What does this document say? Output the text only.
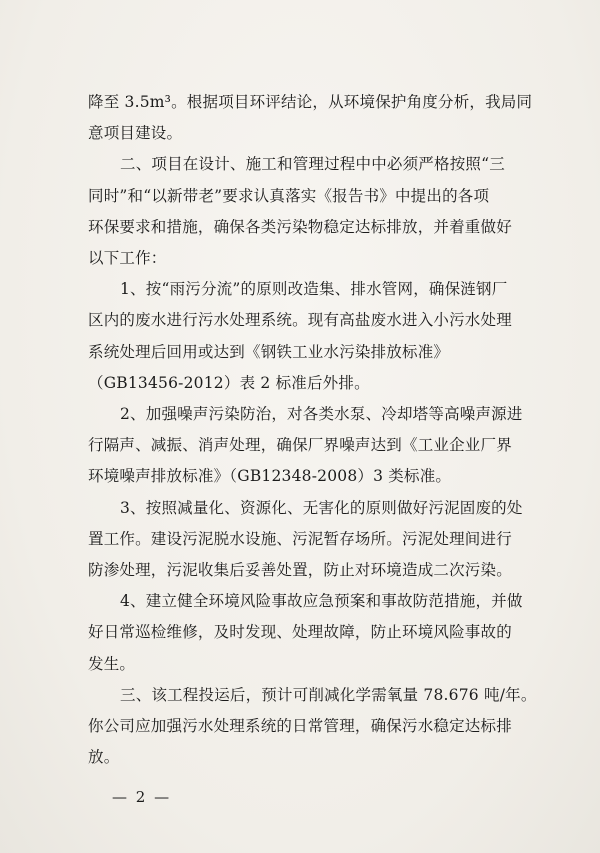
降至 3.5m³。根据项目环评结论，从环境保护角度分析，我局同
意项目建设。
二、项目在设计、施工和管理过程中中必须严格按照“三
同时”和“以新带老”要求认真落实《报告书》中提出的各项
环保要求和措施，确保各类污染物稳定达标排放，并着重做好
以下工作：
1、按“雨污分流”的原则改造集、排水管网，确保涟钢厂
区内的废水进行污水处理系统。现有高盐废水进入小污水处理
系统处理后回用或达到《钢铁工业水污染排放标准》
（GB13456-2012）表 2 标准后外排。
2、加强噪声污染防治，对各类水泵、冷却塔等高噪声源进
行隔声、减振、消声处理，确保厂界噪声达到《工业企业厂界
环境噪声排放标准》（GB12348-2008）3 类标准。
3、按照减量化、资源化、无害化的原则做好污泥固废的处
置工作。建设污泥脱水设施、污泥暂存场所。污泥处理间进行
防渗处理，污泥收集后妥善处置，防止对环境造成二次污染。
4、建立健全环境风险事故应急预案和事故防范措施，并做
好日常巡检维修，及时发现、处理故障，防止环境风险事故的
发生。
三、该工程投运后，预计可削减化学需氧量 78.676 吨/年。
你公司应加强污水处理系统的日常管理，确保污水稳定达标排
— 2 —
放。
